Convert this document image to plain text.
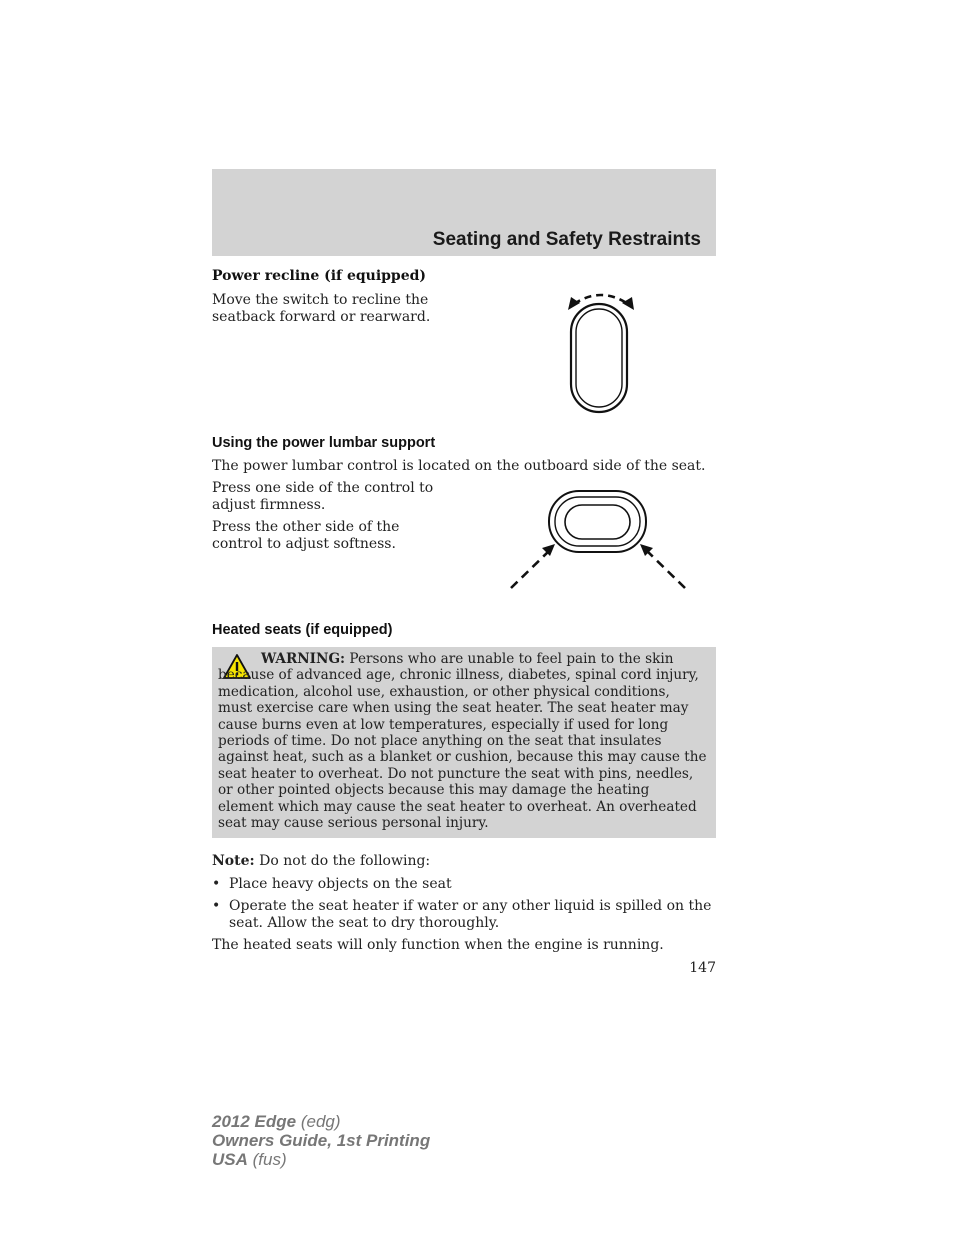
Seating and Safety Restraints
Power recline (if equipped)

Move the switch to recline the seatback forward or rearward.

Using the power lumbar support

The power lumbar control is located on the outboard side of the seat.

Press one side of the control to adjust firmness.

Press the other side of the control to adjust softness.

Heated seats (if equipped)
WARNING: Persons who are unable to feel pain to the skin because of advanced age, chronic illness, diabetes, spinal cord injury, medication, alcohol use, exhaustion, or other physical conditions, must exercise care when using the seat heater. The seat heater may cause burns even at low temperatures, especially if used for long periods of time. Do not place anything on the seat that insulates against heat, such as a blanket or cushion, because this may cause the seat heater to overheat. Do not puncture the seat with pins, needles, or other pointed objects because this may damage the heating element which may cause the seat heater to overheat. An overheated seat may cause serious personal injury.

Note: Do not do the following:

• Place heavy objects on the seat
• Operate the seat heater if water or any other liquid is spilled on the seat. Allow the seat to dry thoroughly.

The heated seats will only function when the engine is running.

147
2012 Edge (edg)
Owners Guide, 1st Printing
USA (fus)
